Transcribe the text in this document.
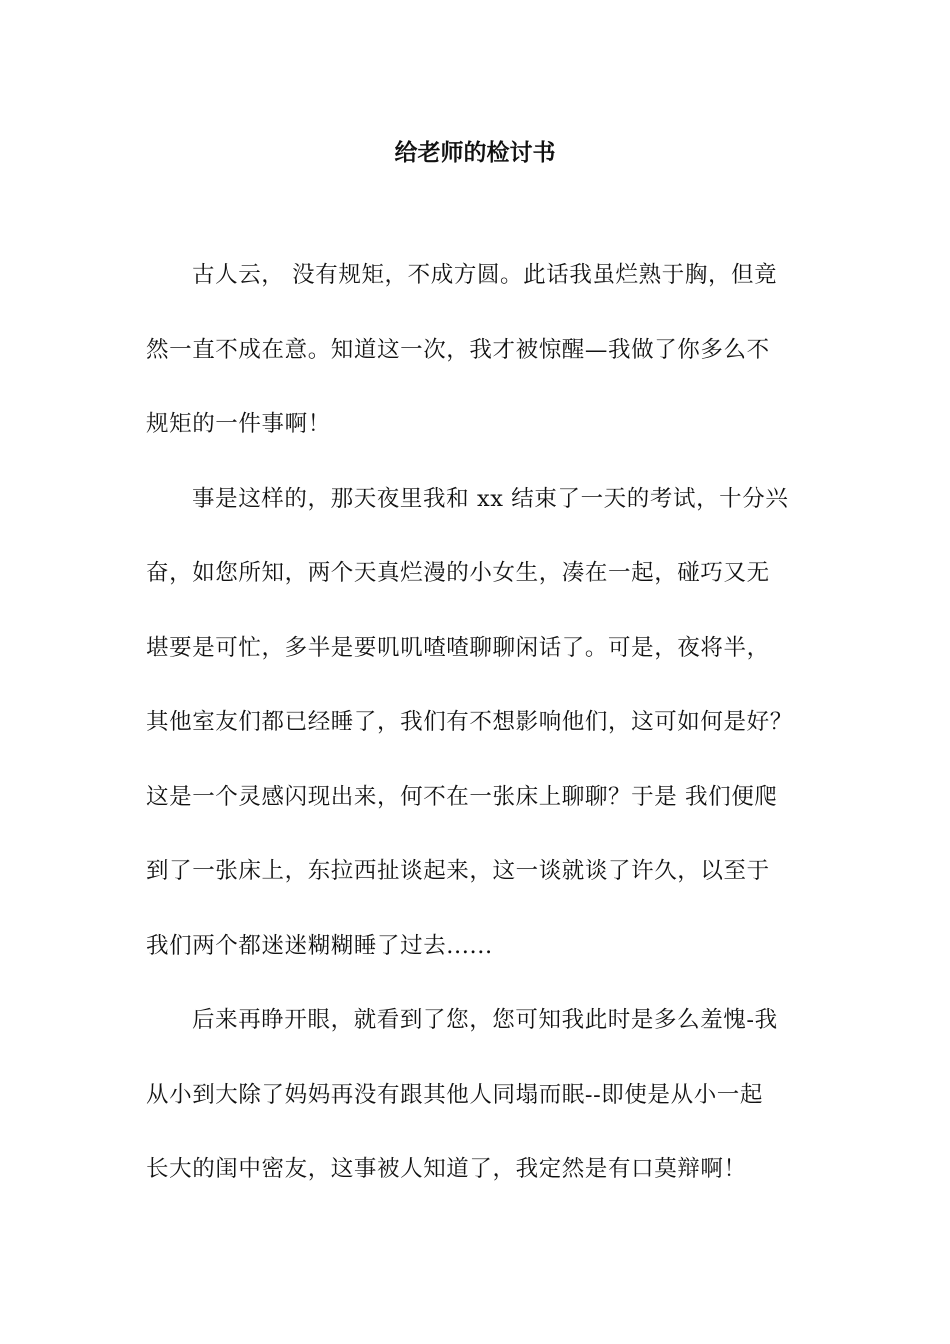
给老师的检讨书
古人云， 没有规矩，不成方圆。此话我虽烂熟于胸，但竟
然一直不成在意。知道这一次，我才被惊醒—我做了你多么不
规矩的一件事啊！
事是这样的，那天夜里我和 xx 结束了一天的考试，十分兴
奋，如您所知，两个天真烂漫的小女生，凑在一起，碰巧又无
堪要是可忙，多半是要叽叽喳喳聊聊闲话了。可是，夜将半，
其他室友们都已经睡了，我们有不想影响他们，这可如何是好？
这是一个灵感闪现出来，何不在一张床上聊聊？于是 我们便爬
到了一张床上，东拉西扯谈起来，这一谈就谈了许久，以至于
我们两个都迷迷糊糊睡了过去......
后来再睁开眼，就看到了您，您可知我此时是多么羞愧-我
从小到大除了妈妈再没有跟其他人同塌而眠--即使是从小一起
长大的闺中密友，这事被人知道了，我定然是有口莫辩啊！
